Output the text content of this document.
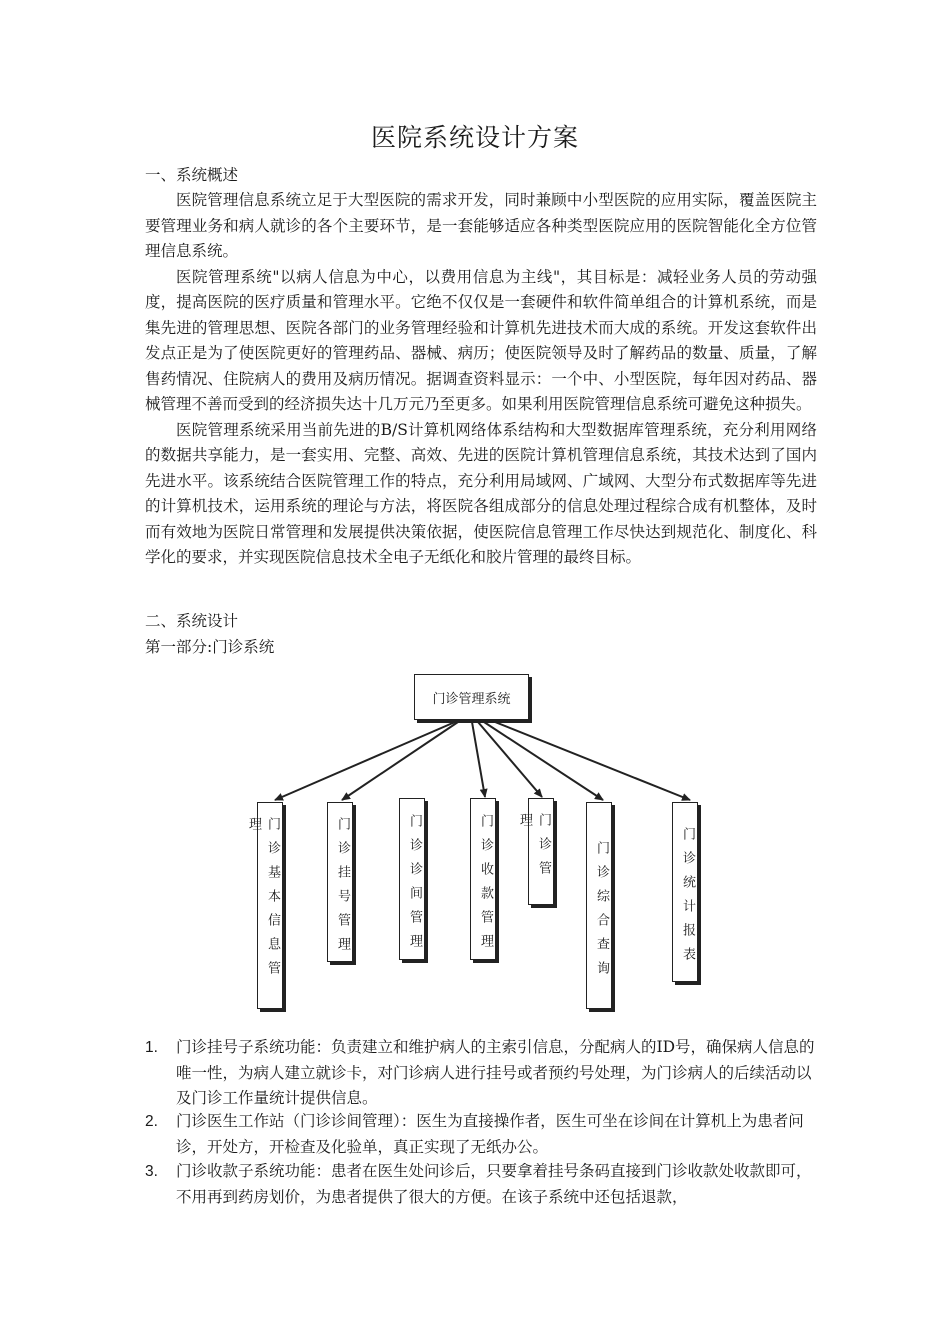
医院系统设计方案
一、系统概述

医院管理信息系统立足于大型医院的需求开发，同时兼顾中小型医院的应用实际，覆盖医院主要管理业务和病人就诊的各个主要环节，是一套能够适应各种类型医院应用的医院智能化全方位管理信息系统。

医院管理系统"以病人信息为中心，以费用信息为主线"，其目标是：减轻业务人员的劳动强度，提高医院的医疗质量和管理水平。它绝不仅仅是一套硬件和软件简单组合的计算机系统，而是集先进的管理思想、医院各部门的业务管理经验和计算机先进技术而大成的系统。开发这套软件出发点正是为了使医院更好的管理药品、器械、病历；使医院领导及时了解药品的数量、质量，了解售药情况、住院病人的费用及病历情况。据调查资料显示：一个中、小型医院，每年因对药品、器械管理不善而受到的经济损失达十几万元乃至更多。如果利用医院管理信息系统可避免这种损失。

医院管理系统采用当前先进的B/S计算机网络体系结构和大型数据库管理系统，充分利用网络的数据共享能力，是一套实用、完整、高效、先进的医院计算机管理信息系统，其技术达到了国内先进水平。该系统结合医院管理工作的特点，充分利用局域网、广域网、大型分布式数据库等先进的计算机技术，运用系统的理论与方法，将医院各组成部分的信息处理过程综合成有机整体，及时而有效地为医院日常管理和发展提供决策依据，使医院信息管理工作尽快达到规范化、制度化、科学化的要求，并实现医院信息技术全电子无纸化和胶片管理的最终目标。

二、系统设计
第一部分:门诊系统
门诊管理系统
门诊基本信息管理	门诊挂号管理	门诊诊间管理	门诊收款管理	门诊管理
门诊综合查询	门诊统计报表
1. 门诊挂号子系统功能：负责建立和维护病人的主索引信息，分配病人的ID号，确保病人信息的唯一性，为病人建立就诊卡，对门诊病人进行挂号或者预约号处理，为门诊病人的后续活动以及门诊工作量统计提供信息。
2. 门诊医生工作站（门诊诊间管理）：医生为直接操作者，医生可坐在诊间在计算机上为患者问诊，开处方，开检查及化验单，真正实现了无纸办公。
3. 门诊收款子系统功能：患者在医生处问诊后，只要拿着挂号条码直接到门诊收款处收款即可，不用再到药房划价，为患者提供了很大的方便。在该子系统中还包括退款，
